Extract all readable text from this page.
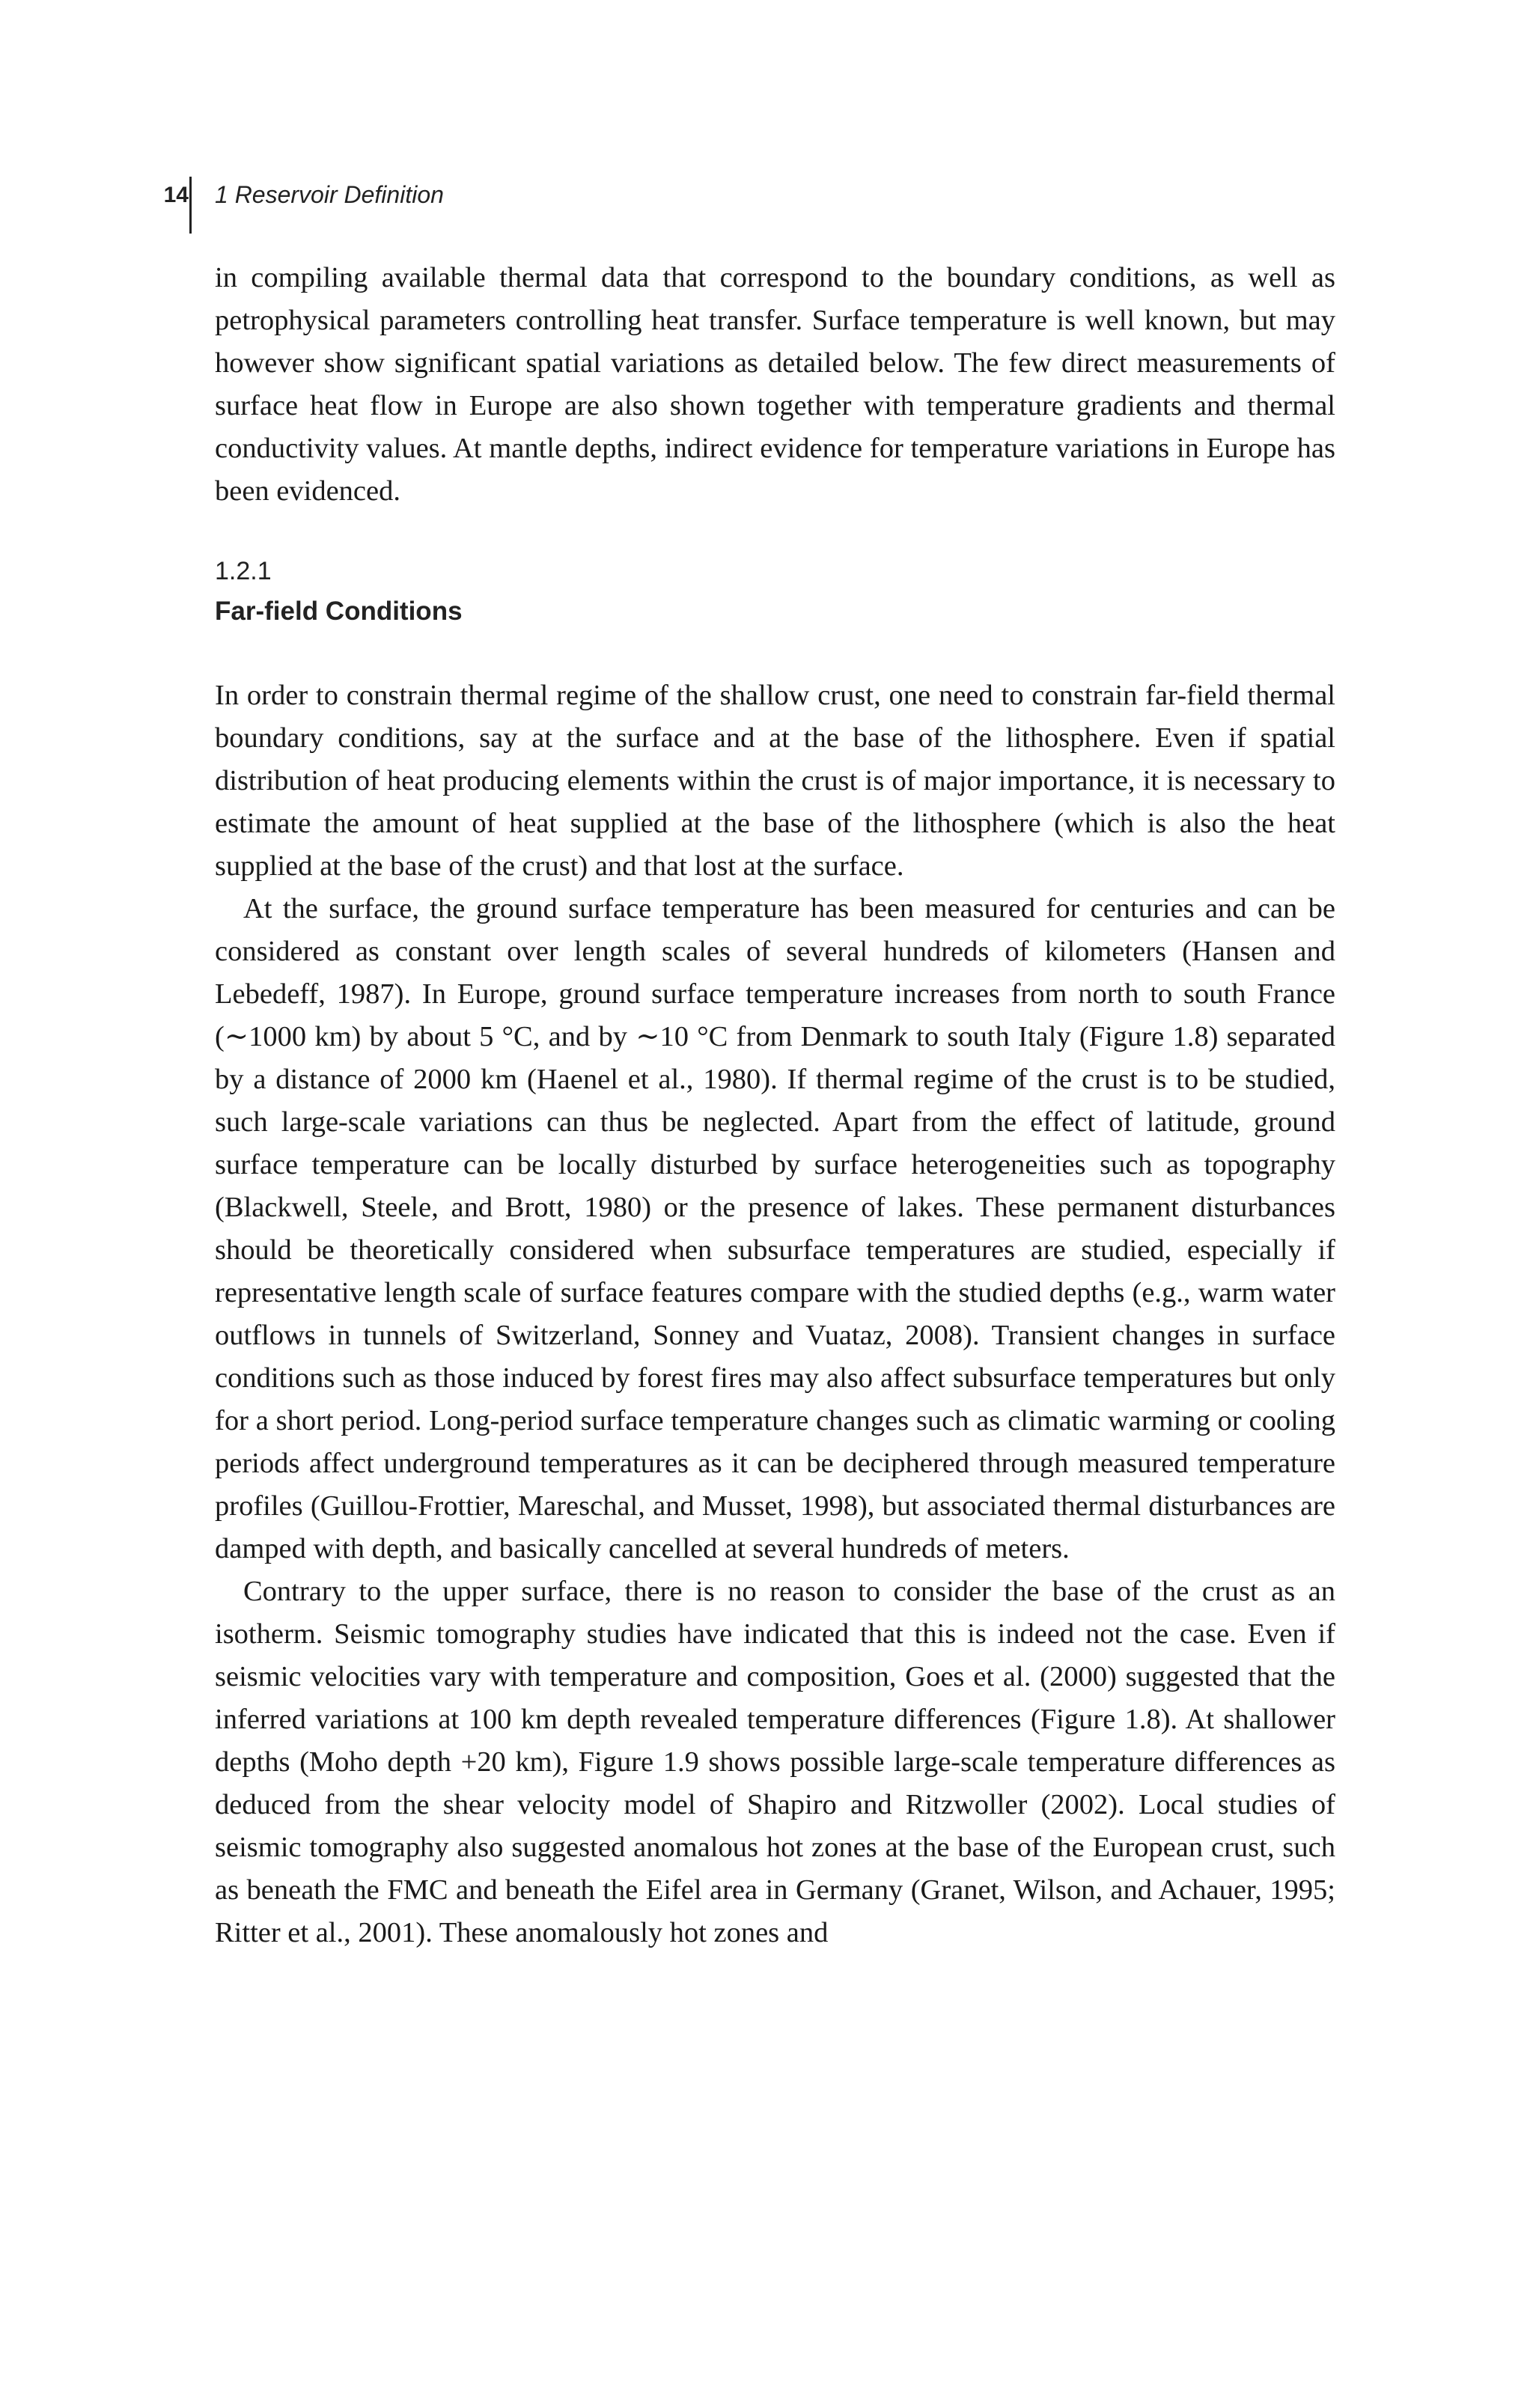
14 1 Reservoir Definition

in compiling available thermal data that correspond to the boundary conditions, as well as petrophysical parameters controlling heat transfer. Surface temperature is well known, but may however show significant spatial variations as detailed below. The few direct measurements of surface heat flow in Europe are also shown together with temperature gradients and thermal conductivity values. At mantle depths, indirect evidence for temperature variations in Europe has been evidenced.

1.2.1
Far-field Conditions

In order to constrain thermal regime of the shallow crust, one need to constrain far-field thermal boundary conditions, say at the surface and at the base of the lithosphere. Even if spatial distribution of heat producing elements within the crust is of major importance, it is necessary to estimate the amount of heat supplied at the base of the lithosphere (which is also the heat supplied at the base of the crust) and that lost at the surface.

At the surface, the ground surface temperature has been measured for centuries and can be considered as constant over length scales of several hundreds of kilometers (Hansen and Lebedeff, 1987). In Europe, ground surface temperature increases from north to south France (∼1000 km) by about 5 °C, and by ∼10 °C from Denmark to south Italy (Figure 1.8) separated by a distance of 2000 km (Haenel et al., 1980). If thermal regime of the crust is to be studied, such large-scale variations can thus be neglected. Apart from the effect of latitude, ground surface temperature can be locally disturbed by surface heterogeneities such as topography (Blackwell, Steele, and Brott, 1980) or the presence of lakes. These permanent disturbances should be theoretically considered when subsurface temperatures are studied, especially if representative length scale of surface features compare with the studied depths (e.g., warm water outflows in tunnels of Switzerland, Sonney and Vuataz, 2008). Transient changes in surface conditions such as those induced by forest fires may also affect subsurface temperatures but only for a short period. Long-period surface temperature changes such as climatic warming or cooling periods affect underground temperatures as it can be deciphered through measured temperature profiles (Guillou-Frottier, Mareschal, and Musset, 1998), but associated thermal disturbances are damped with depth, and basically cancelled at several hundreds of meters.

Contrary to the upper surface, there is no reason to consider the base of the crust as an isotherm. Seismic tomography studies have indicated that this is indeed not the case. Even if seismic velocities vary with temperature and composition, Goes et al. (2000) suggested that the inferred variations at 100 km depth revealed temperature differences (Figure 1.8). At shallower depths (Moho depth +20 km), Figure 1.9 shows possible large-scale temperature differences as deduced from the shear velocity model of Shapiro and Ritzwoller (2002). Local studies of seismic tomography also suggested anomalous hot zones at the base of the European crust, such as beneath the FMC and beneath the Eifel area in Germany (Granet, Wilson, and Achauer, 1995; Ritter et al., 2001). These anomalously hot zones and
